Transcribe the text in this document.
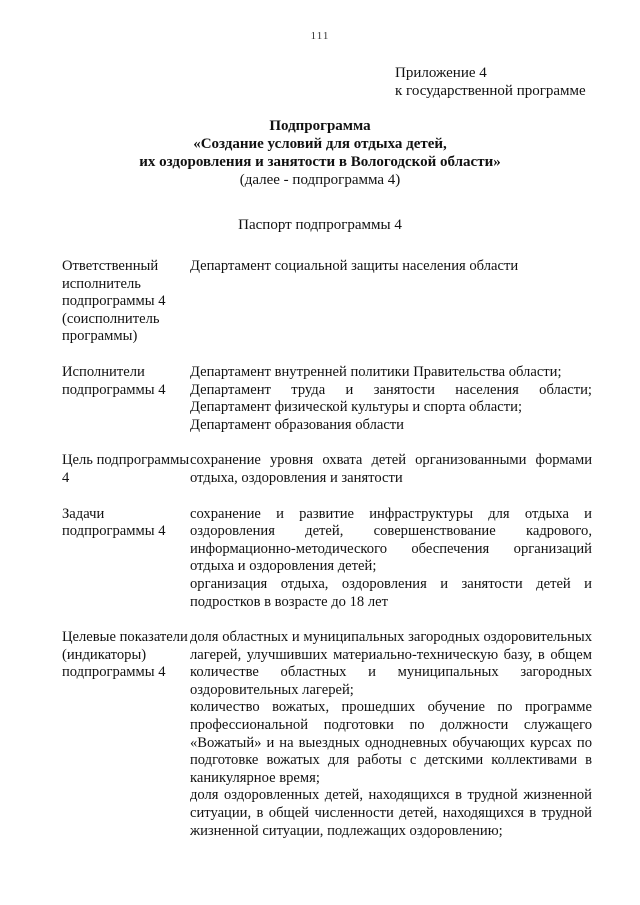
111
Приложение 4
к государственной программе
Подпрограмма
«Создание условий для отдыха детей,
их оздоровления и занятости в Вологодской области»
(далее - подпрограмма 4)
Паспорт подпрограммы 4
Ответственный исполнитель подпрограммы 4 (соисполнитель программы)
Департамент социальной защиты населения области
Исполнители подпрограммы 4
Департамент внутренней политики Правительства области;
Департамент труда и занятости населения области; Департамент физической культуры и спорта области;
Департамент образования области
Цель подпрограммы 4
сохранение уровня охвата детей организованными формами отдыха, оздоровления и занятости
Задачи подпрограммы 4
сохранение и развитие инфраструктуры для отдыха и оздоровления детей, совершенствование кадрового, информационно-методического обеспечения организаций отдыха и оздоровления детей;
организация отдыха, оздоровления и занятости детей и подростков в возрасте до 18 лет
Целевые показатели (индикаторы) подпрограммы 4
доля областных и муниципальных загородных оздоровительных лагерей, улучшивших материально-техническую базу, в общем количестве областных и муниципальных загородных оздоровительных лагерей;
количество вожатых, прошедших обучение по программе профессиональной подготовки по должности служащего «Вожатый» и на выездных однодневных обучающих курсах по подготовке вожатых для работы с детскими коллективами в каникулярное время;
доля оздоровленных детей, находящихся в трудной жизненной ситуации, в общей численности детей, находящихся в трудной жизненной ситуации, подлежащих оздоровлению;
